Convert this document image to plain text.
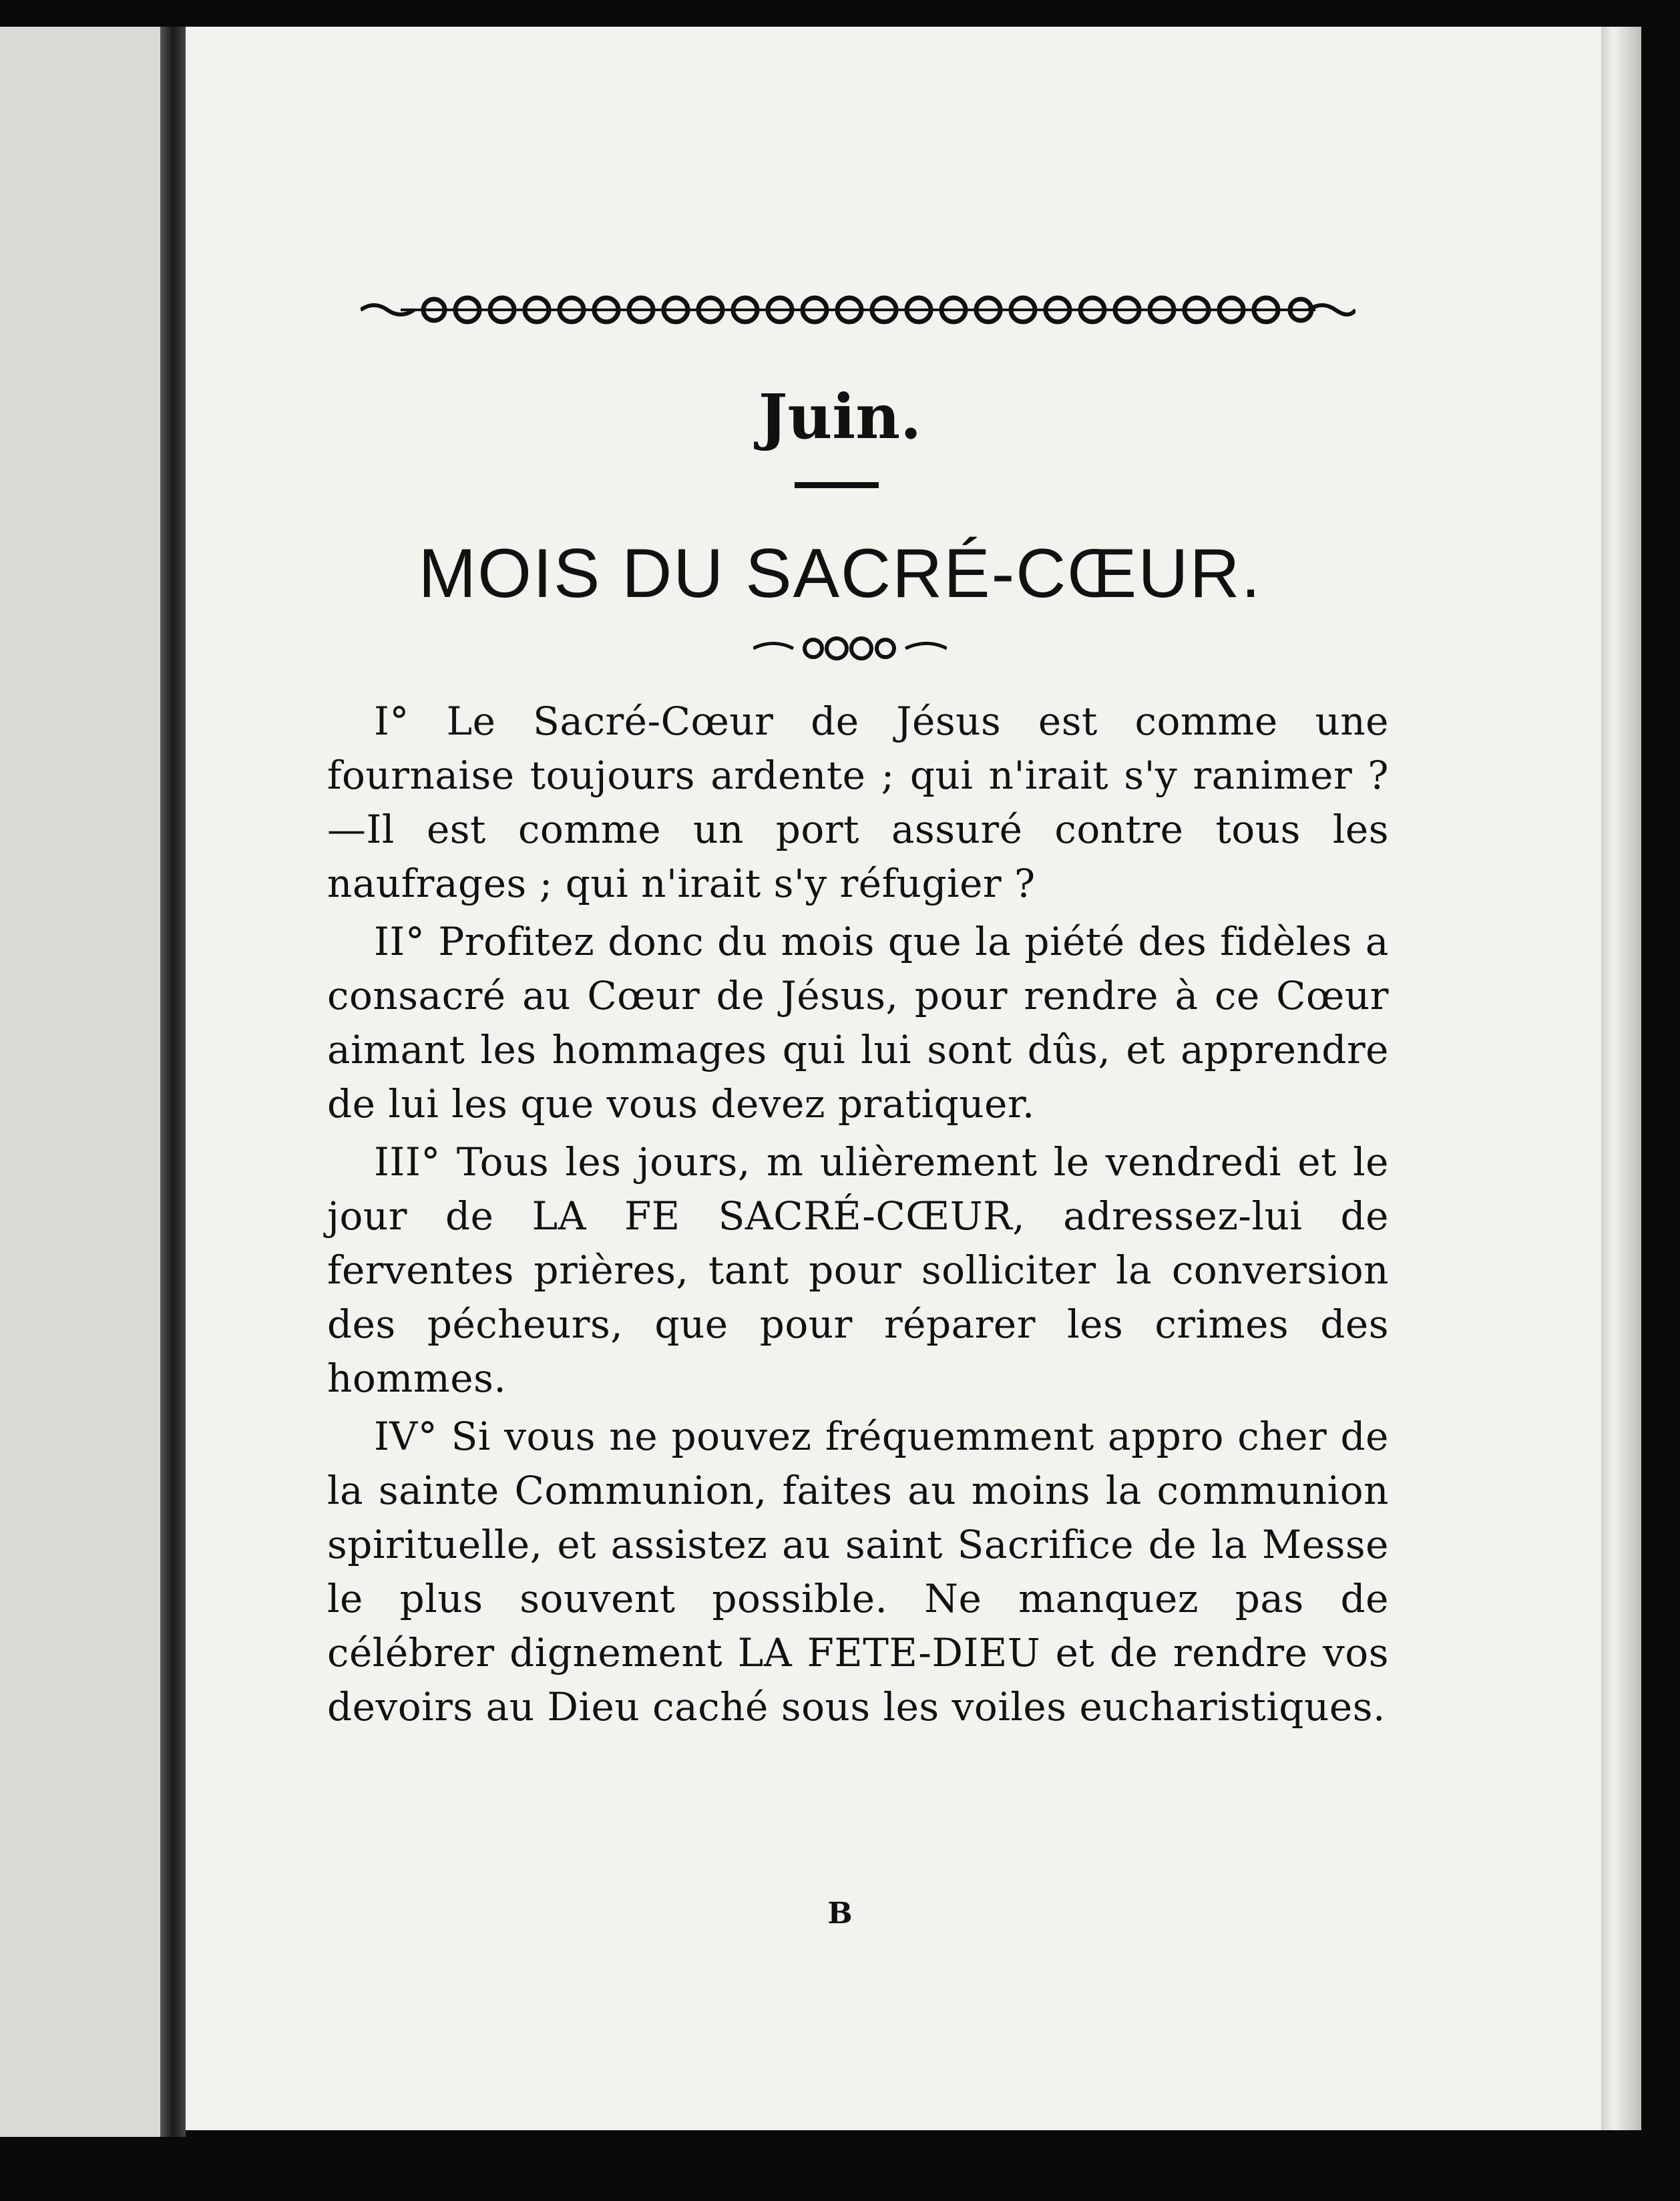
Juin.
MOIS DU SACRÉ-CŒUR.

I° Le Sacré-Cœur de Jésus est comme une fournaise toujours ardente ; qui n'irait s'y ranimer ? —Il est comme un port assuré contre tous les naufrages ; qui n'irait s'y réfugier ?

II° Profitez donc du mois que la piété des fidèles a consacré au Cœur de Jésus, pour rendre à ce Cœur aimant les hommages qui lui sont dûs, et apprendre de lui les que vous devez pratiquer.

III° Tous les jours, m ulièrement le vendredi et le jour de LA FE SACRÉ-CŒUR, adressez-lui de ferventes prières, tant pour solliciter la conversion des pécheurs, que pour réparer les crimes des hommes.

IV° Si vous ne pouvez fréquemment appro cher de la sainte Communion, faites au moins la communion spirituelle, et assistez au saint Sacrifice de la Messe le plus souvent possible. Ne manquez pas de célébrer dignement LA FETE-DIEU et de rendre vos devoirs au Dieu caché sous les voiles eucharistiques.

B
